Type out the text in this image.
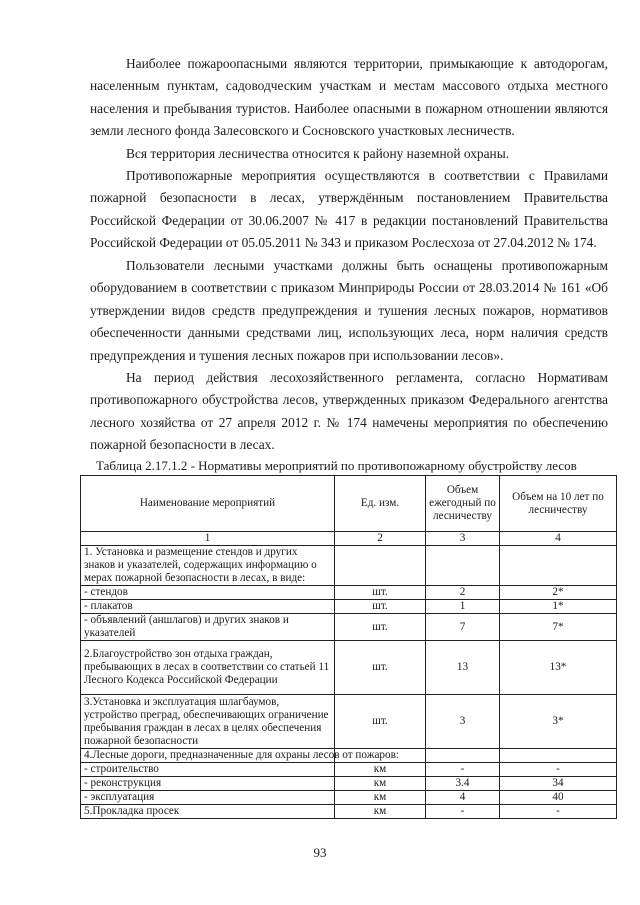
Наиболее пожароопасными являются территории, примыкающие к автодорогам, населенным пунктам, садоводческим участкам и местам массового отдыха местного населения и пребывания туристов. Наиболее опасными в пожарном отношении являются земли лесного фонда Залесовского и Сосновского участковых лесничеств.

Вся территория лесничества относится к району наземной охраны.

Противопожарные мероприятия осуществляются в соответствии с Правилами пожарной безопасности в лесах, утверждённым постановлением Правительства Российской Федерации от 30.06.2007 № 417 в редакции постановлений Правительства Российской Федерации от 05.05.2011 № 343 и приказом Рослесхоза от 27.04.2012 № 174.

Пользователи лесными участками должны быть оснащены противопожарным оборудованием в соответствии с приказом Минприроды России от 28.03.2014 № 161 «Об утверждении видов средств предупреждения и тушения лесных пожаров, нормативов обеспеченности данными средствами лиц, использующих леса, норм наличия средств предупреждения и тушения лесных пожаров при использовании лесов».

На период действия лесохозяйственного регламента, согласно Нормативам противопожарного обустройства лесов, утвержденных приказом Федерального агентства лесного хозяйства от 27 апреля 2012 г. № 174 намечены мероприятия по обеспечению пожарной безопасности в лесах.

Таблица 2.17.1.2 - Нормативы мероприятий по противопожарному обустройству лесов

Наименование мероприятий	Ед. изм.	Объем ежегодный по лесничеству	Объем на 10 лет по лесничеству
1	2	3	4
1. Установка и размещение стендов и других знаков и указателей, содержащих информацию о мерах пожарной безопасности в лесах, в виде:			
- стендов	шт.	2	2*
- плакатов	шт.	1	1*
- объявлений (аншлагов) и других знаков и указателей	шт.	7	7*
2.Благоустройство зон отдыха граждан, пребывающих в лесах в соответствии со статьей 11 Лесного Кодекса Российской Федерации	шт.	13	13*
3.Установка и эксплуатация шлагбаумов, устройство преград, обеспечивающих ограничение пребывания граждан в лесах в целях обеспечения пожарной безопасности	шт.	3	3*
4.Лесные дороги, предназначенные для охраны лесов от пожаров:			
- строительство	км	-	-
- реконструкция	км	3.4	34
- эксплуатация	км	4	40
5.Прокладка просек	км	-	-
93
